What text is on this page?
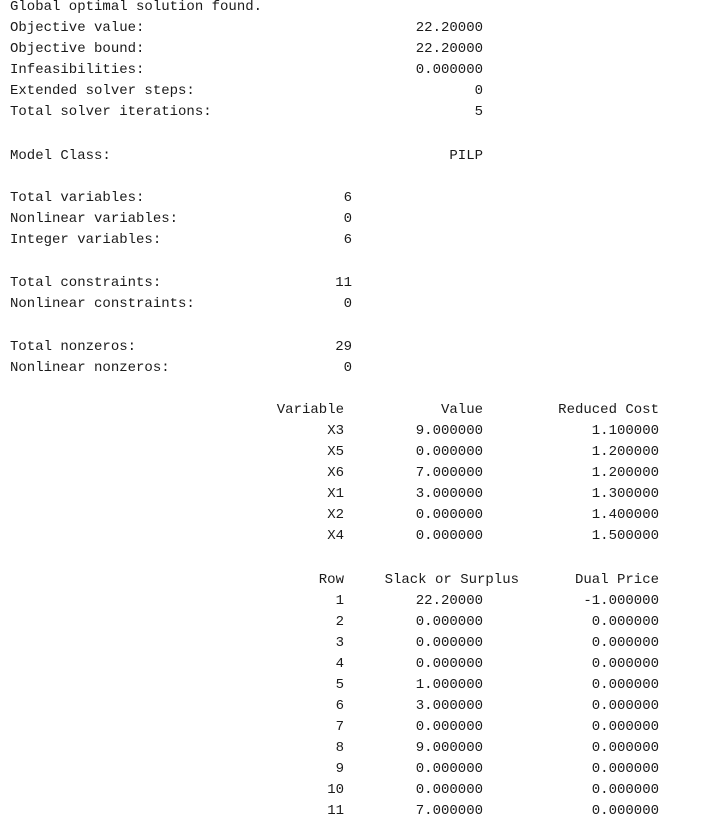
Global optimal solution found.
Objective value:	22.20000
Objective bound:	22.20000
Infeasibilities:	0.000000
Extended solver steps:	0
Total solver iterations:	5
Model Class:	PILP
Total variables:	6
Nonlinear variables:	0
Integer variables:	6
Total constraints:	11
Nonlinear constraints:	0
Total nonzeros:	29
Nonlinear nonzeros:	0
Variable	Value	Reduced Cost
X3	9.000000	1.100000
X5	0.000000	1.200000
X6	7.000000	1.200000
X1	3.000000	1.300000
X2	0.000000	1.400000
X4	0.000000	1.500000
Row	Slack or Surplus	Dual Price
1	22.20000	-1.000000
2	0.000000	0.000000
3	0.000000	0.000000
4	0.000000	0.000000
5	1.000000	0.000000
6	3.000000	0.000000
7	0.000000	0.000000
8	9.000000	0.000000
9	0.000000	0.000000
10	0.000000	0.000000
11	7.000000	0.000000
